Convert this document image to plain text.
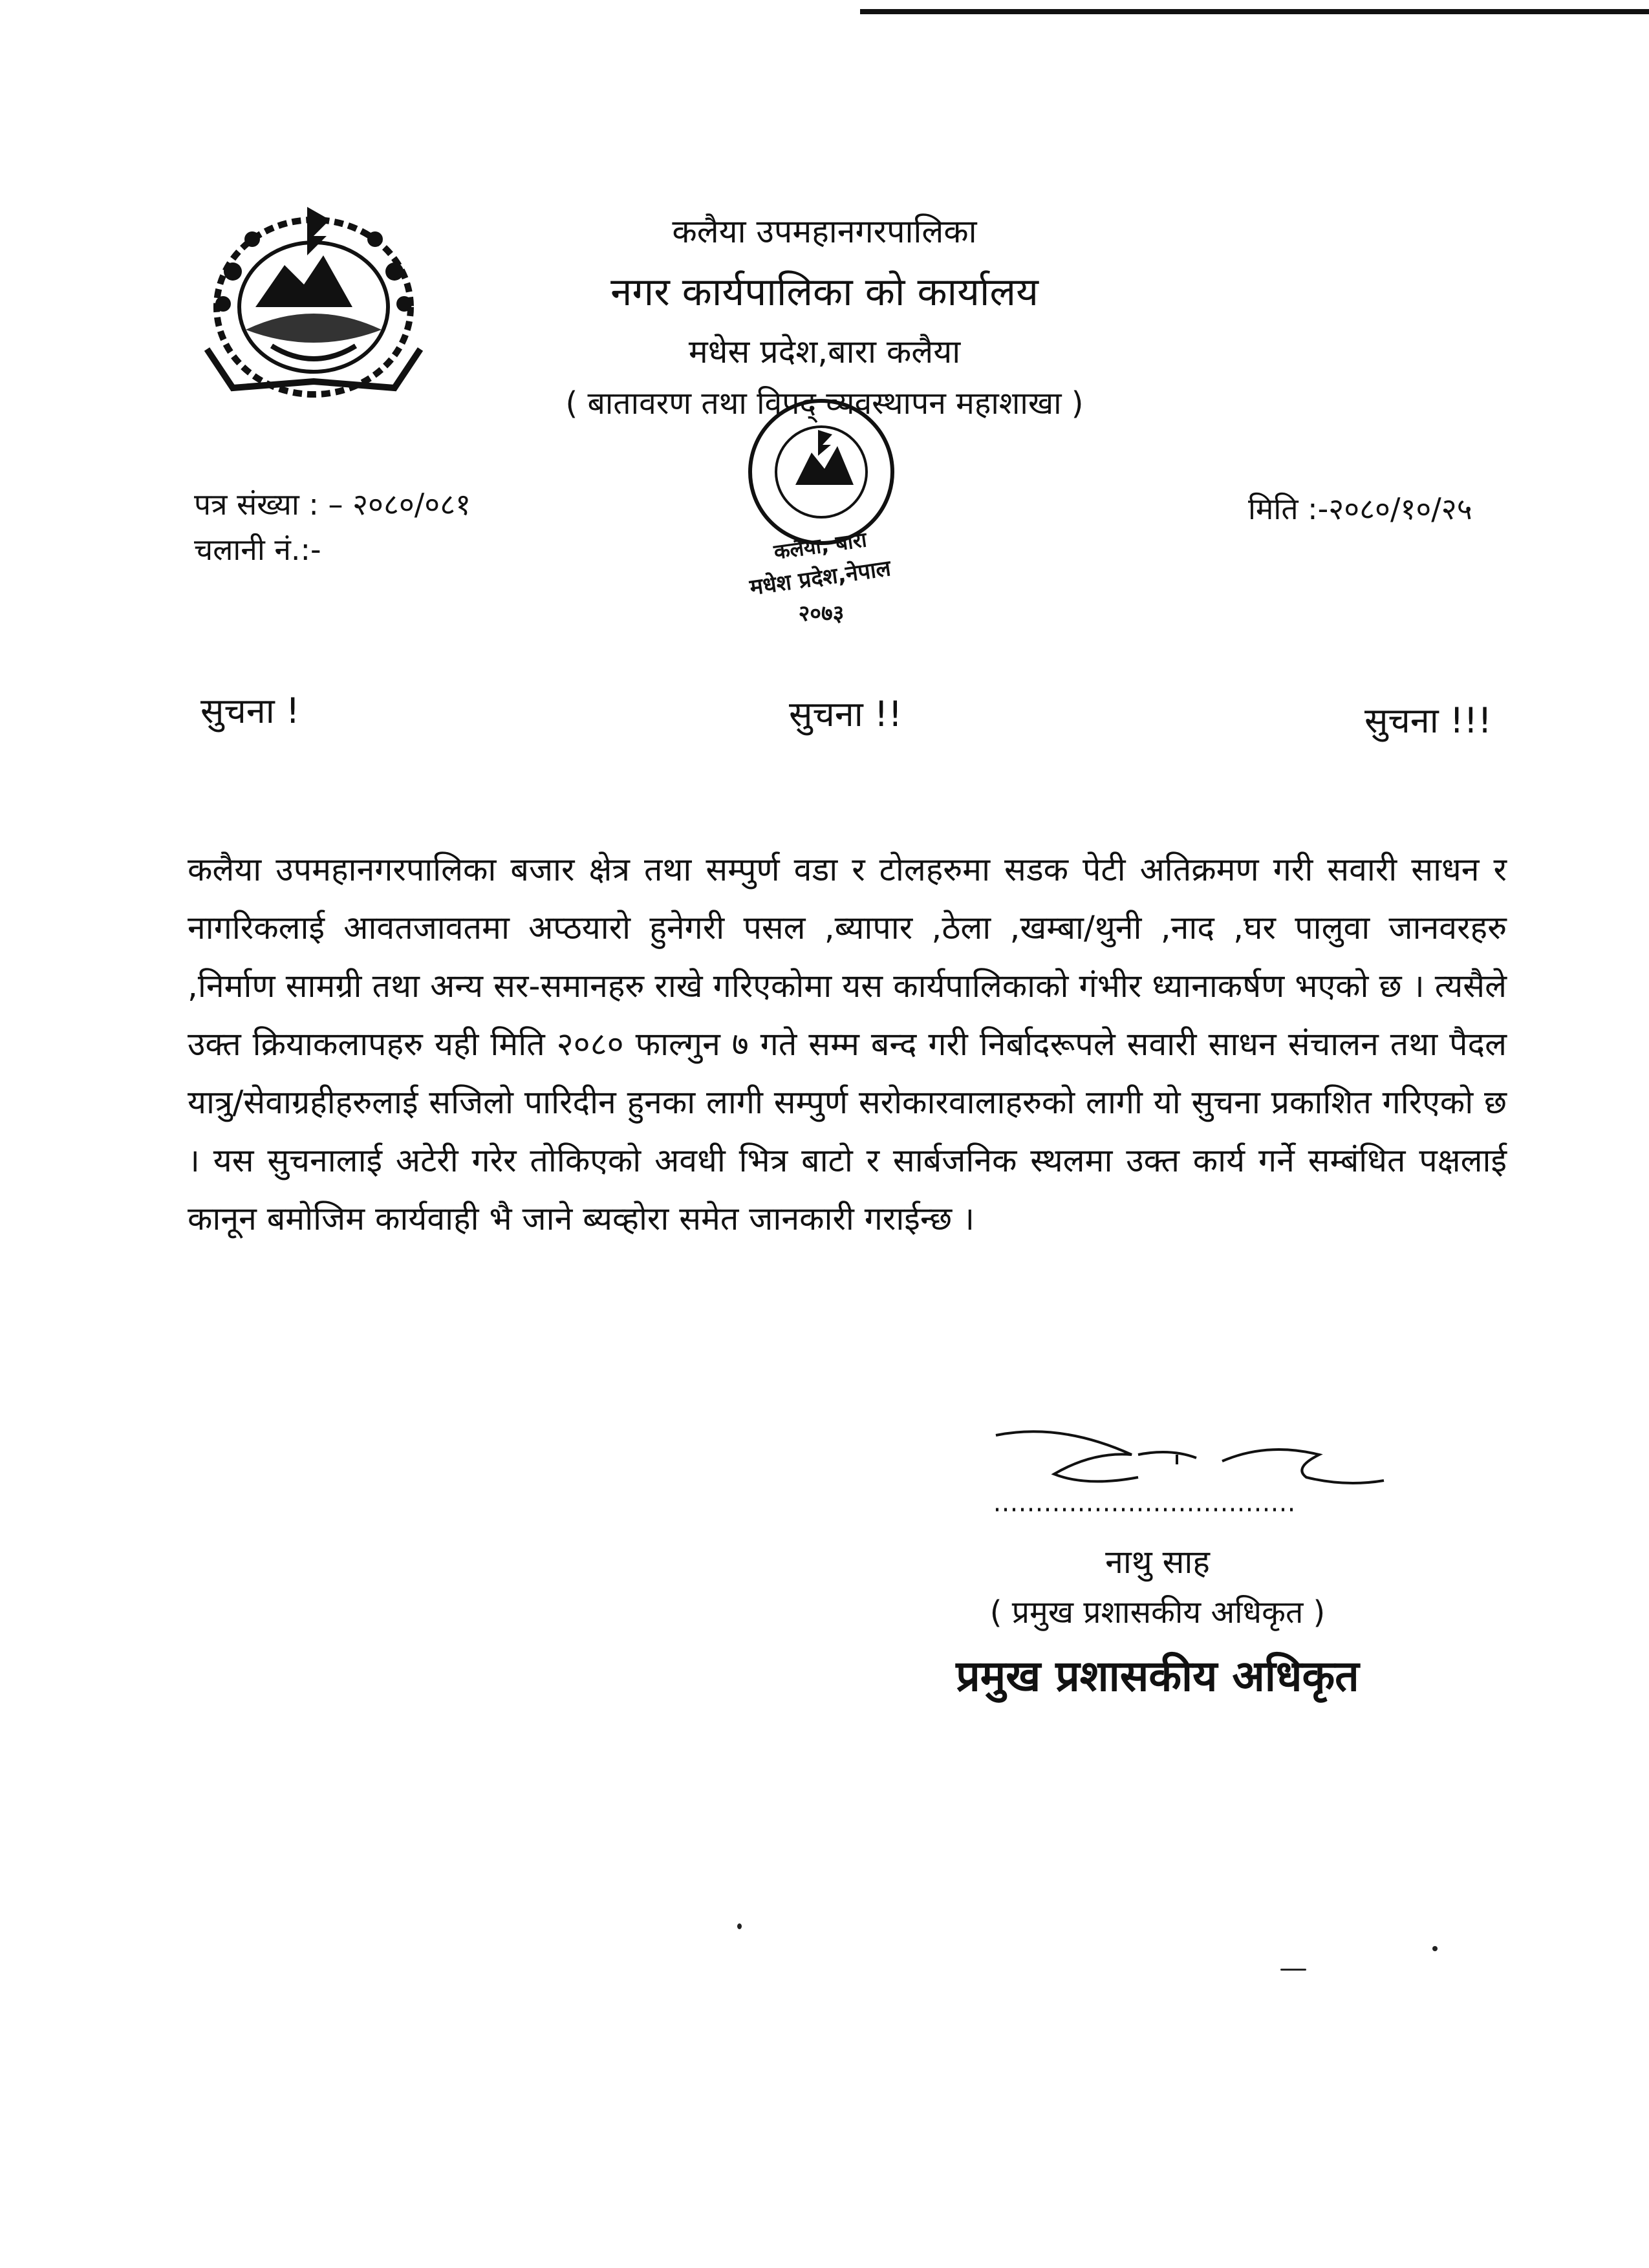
कलैया उपमहानगरपालिका
नगर कार्यपालिका को कार्यालय
मधेस प्रदेश,बारा कलैया
( बातावरण तथा विपद् व्यवस्थापन महाशाखा )
कलैया, बारा
मधेश प्रदेश,नेपाल
२०७३
पत्र संख्या : – २०८०/०८१
चलानी नं.:-
मिति :-२०८०/१०/२५
सुचना !	सुचना !!	सुचना !!!
कलैया उपमहानगरपालिका बजार क्षेत्र तथा सम्पुर्ण वडा र टोलहरुमा सडक पेटी अतिक्रमण गरी सवारी साधन र नागरिकलाई आवतजावतमा अप्ठयारो हुनेगरी पसल ,ब्यापार ,ठेला ,खम्बा/थुनी ,नाद ,घर पालुवा जानवरहरु ,निर्माण सामग्री तथा अन्य सर-समानहरु राखे गरिएकोमा यस कार्यपालिकाको गंभीर ध्यानाकर्षण भएको छ । त्यसैले उक्त क्रियाकलापहरु यही मिति २०८० फाल्गुन ७ गते सम्म बन्द गरी निर्बादरूपले सवारी साधन संचालन तथा पैदल यात्रु/सेवाग्रहीहरुलाई सजिलो पारिदीन हुनका लागी सम्पुर्ण सरोकारवालाहरुको लागी यो सुचना प्रकाशित गरिएको छ । यस सुचनालाई अटेरी गरेर तोकिएको अवधी भित्र बाटो र सार्बजनिक स्थलमा उक्त कार्य गर्ने सम्बंधित पक्षलाई कानून बमोजिम कार्यवाही भै जाने ब्यव्होरा समेत जानकारी गराईन्छ ।
नाथु साह
( प्रमुख प्रशासकीय अधिकृत )
प्रमुख प्रशासकीय अधिकृत
